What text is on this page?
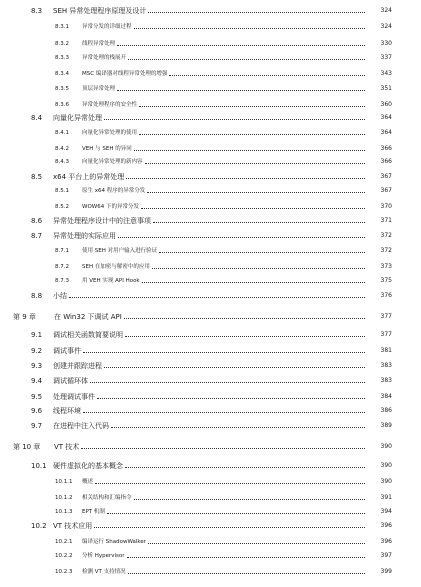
8.3 SEH 异常处理程序原理及设计	324
8.3.1 异常分发的详细过程	324
8.3.2 线程异常处理	330
8.3.3 异常处理的栈展开	337
8.3.4 MSC 编译器对线程异常处理的增强	343
8.3.5 顶层异常处理	351
8.3.6 异常处理程序的安全性	360
8.4 向量化异常处理	364
8.4.1 向量化异常处理的使用	364
8.4.2 VEH 与 SEH 的异同	366
8.4.3 向量化异常处理的新内容	366
8.5 x64 平台上的异常处理	367
8.5.1 原生 x64 程序的异常分发	367
8.5.2 WOW64 下的异常分发	370
8.6 异常处理程序设计中的注意事项	371
8.7 异常处理的实际应用	372
8.7.1 使用 SEH 对用户输入进行验证	372
8.7.2 SEH 在加密与解密中的应用	373
8.7.3 用 VEH 实现 API Hook	375
8.8 小结	376
第 9 章	在 Win32 下调试 API	377
9.1 调试相关函数简要说明	377
9.2 调试事件	381
9.3 创建并跟踪进程	383
9.4 调试循环体	383
9.5 处理调试事件	384
9.6 线程环境	386
9.7 在进程中注入代码	389
第 10 章 VT 技术	390
10.1 硬件虚拟化的基本概念	390
10.1.1 概述	390
10.1.2 相关结构和汇编指令	391
10.1.3 EPT 机制	394
10.2 VT 技术应用	396
10.2.1 编译运行 ShadowWalker	396
10.2.2 分析 Hypervisor	397
10.2.3 检测 VT 支持情况	399
